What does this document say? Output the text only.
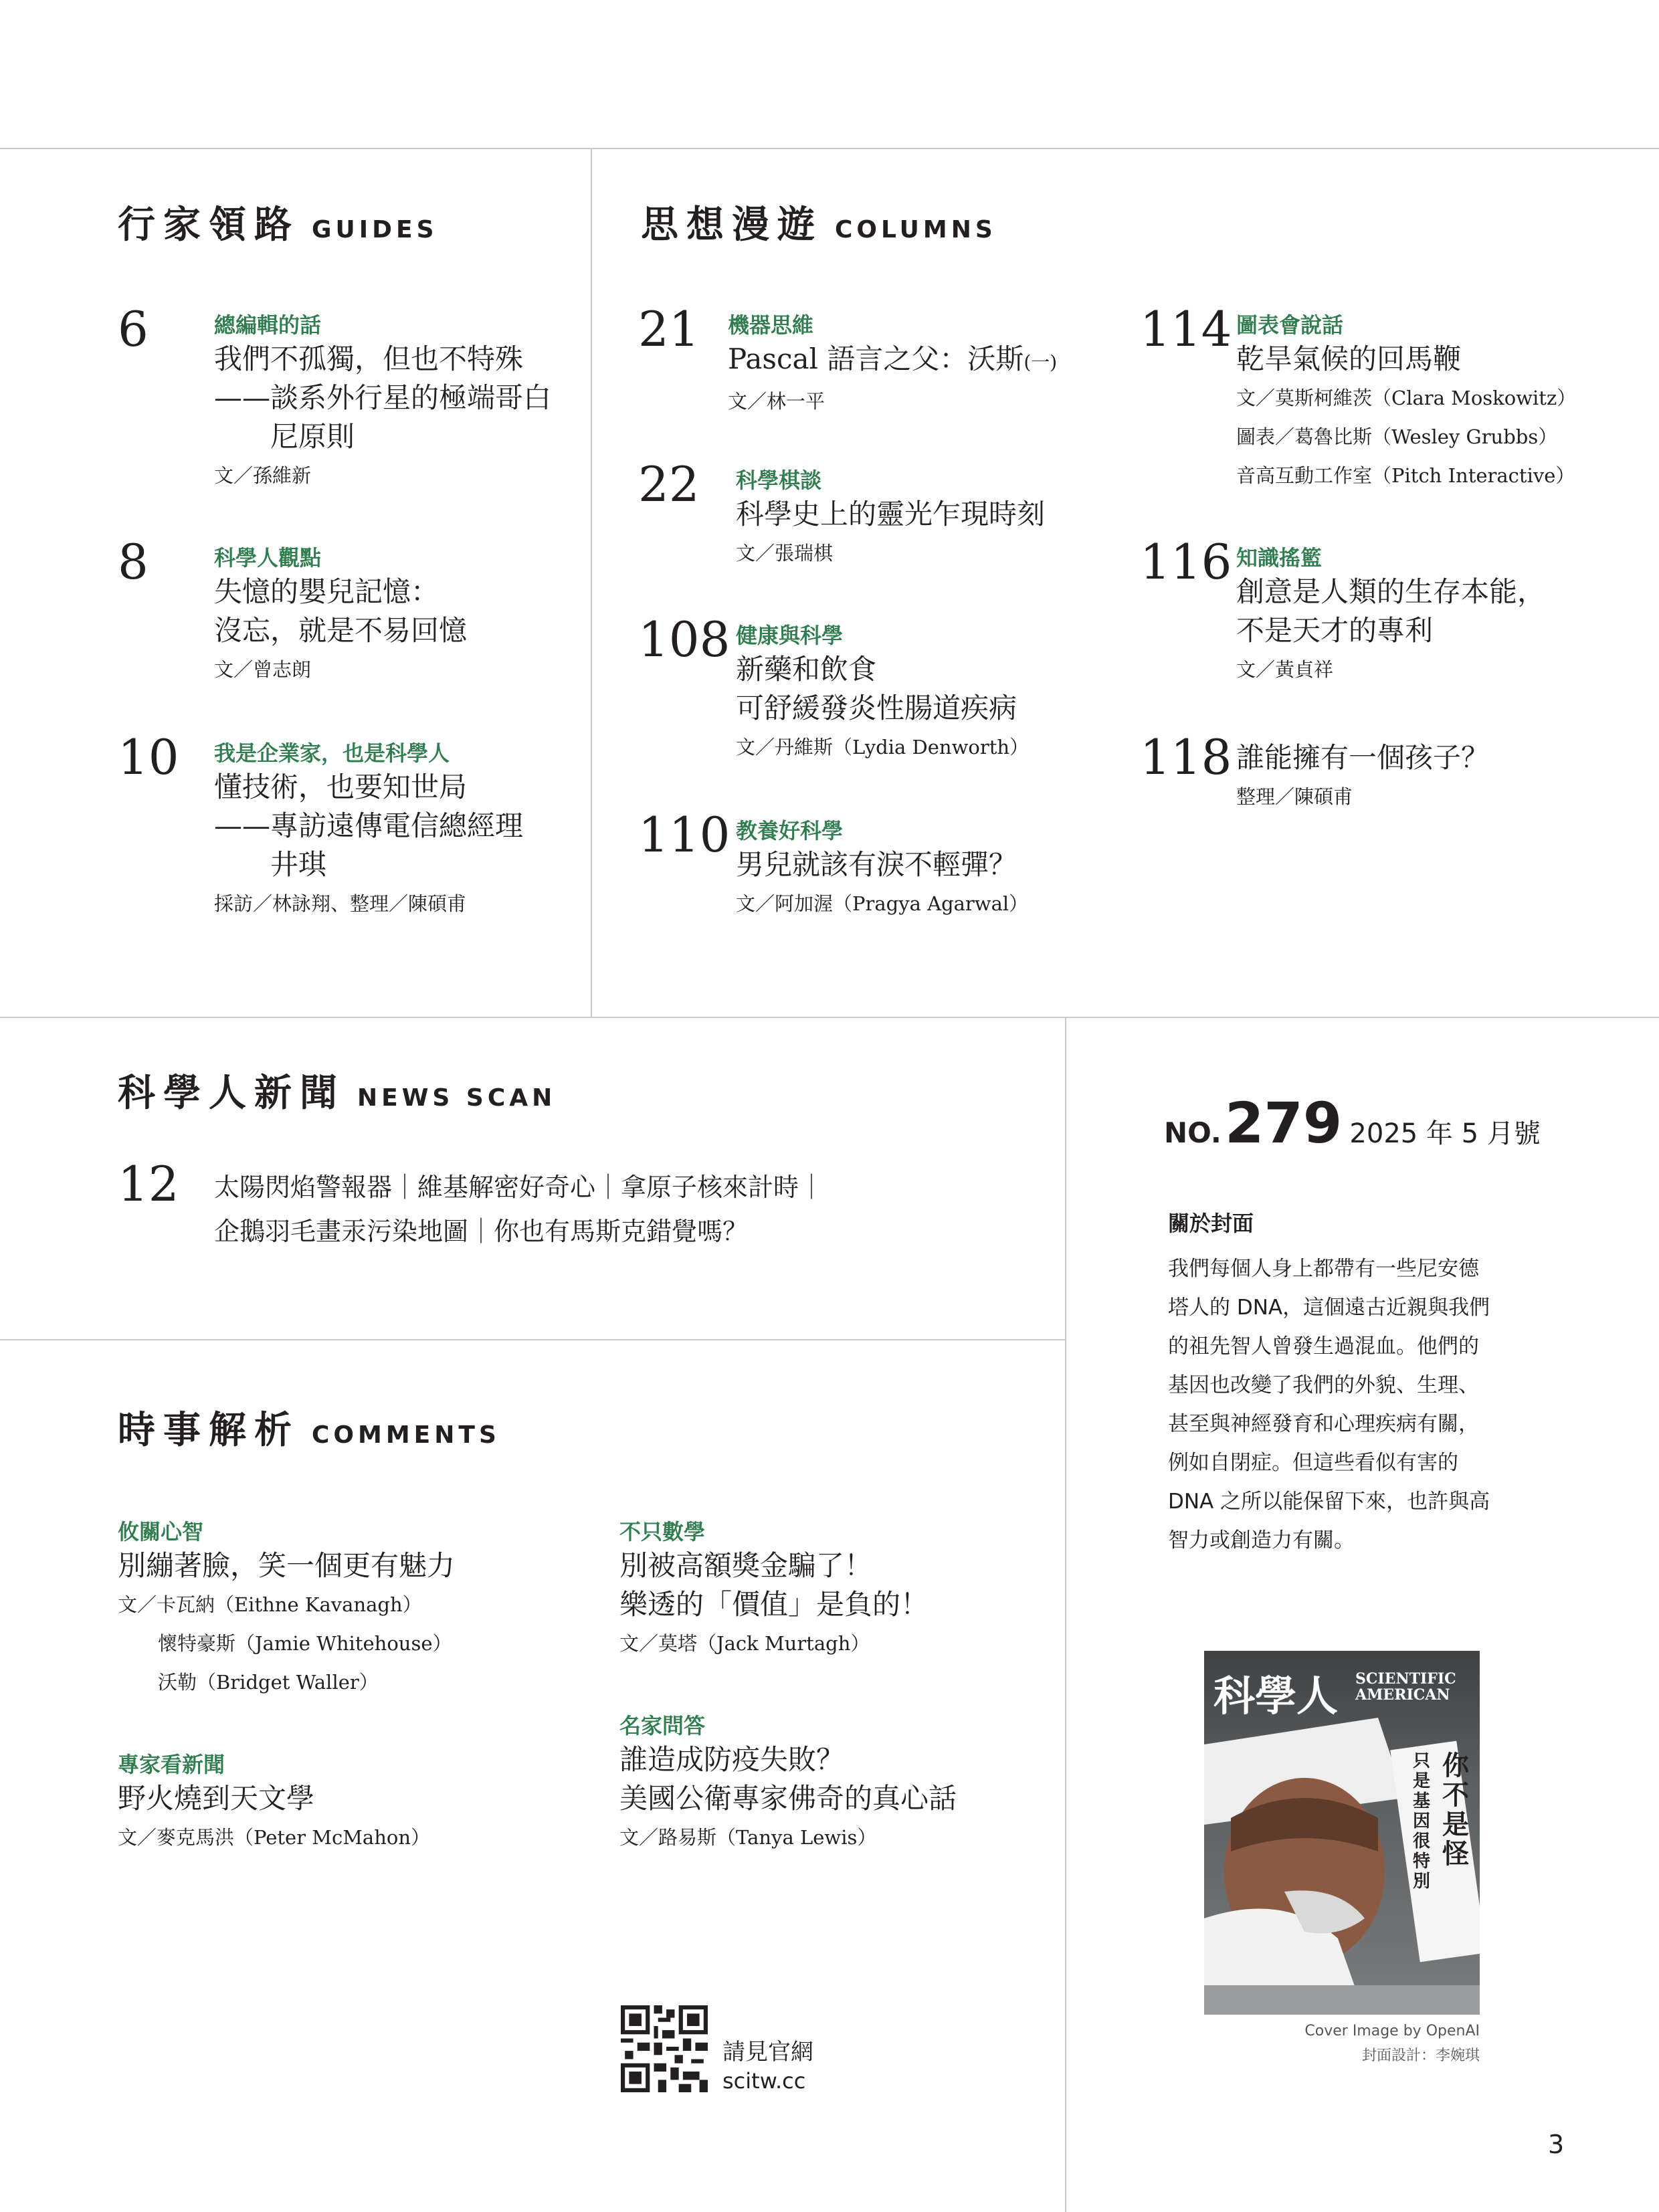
行家領路 GUIDES
6	總編輯的話
我們不孤獨，但也不特殊
——談系外行星的極端哥白
尼原則
文／孫維新
8	科學人觀點
失憶的嬰兒記憶：
沒忘，就是不易回憶
文／曾志朗
10 我是企業家，也是科學人
懂技術，也要知世局
——專訪遠傳電信總經理
井琪
採訪／林詠翔、整理／陳碩甫
思想漫遊 COLUMNS
21 機器思維
Pascal 語言之父：沃斯(一)
文／林一平
22 科學棋談
科學史上的靈光乍現時刻
文／張瑞棋
108 健康與科學
新藥和飲食
可舒緩發炎性腸道疾病
文／丹維斯（Lydia Denworth）
110 教養好科學
男兒就該有淚不輕彈？
文／阿加渥（Pragya Agarwal）
114 圖表會說話
乾旱氣候的回馬鞭
文／莫斯柯維茨（Clara Moskowitz）
圖表／葛魯比斯（Wesley Grubbs）
音高互動工作室（Pitch Interactive）
116 知識搖籃
創意是人類的生存本能，
不是天才的專利
文／黃貞祥
118 誰能擁有一個孩子？
整理／陳碩甫
科學人新聞 NEWS SCAN
12 太陽閃焰警報器｜維基解密好奇心｜拿原子核來計時｜
企鵝羽毛畫汞污染地圖｜你也有馬斯克錯覺嗎？
時事解析 COMMENTS
攸關心智
別繃著臉，笑一個更有魅力
文／卡瓦納（Eithne Kavanagh）
懷特豪斯（Jamie Whitehouse）
沃勒（Bridget Waller）
專家看新聞
野火燒到天文學
文／麥克馬洪（Peter McMahon）
不只數學
別被高額獎金騙了！
樂透的「價值」是負的！
文／莫塔（Jack Murtagh）
名家問答
誰造成防疫失敗？
美國公衛專家佛奇的真心話
文／路易斯（Tanya Lewis）
請見官網
scitw.cc
NO. 279 2025 年 5 月號
關於封面
我們每個人身上都帶有一些尼安德
塔人的 DNA，這個遠古近親與我們
的祖先智人曾發生過混血。他們的
基因也改變了我們的外貌、生理、
甚至與神經發育和心理疾病有關，
例如自閉症。但這些看似有害的
DNA 之所以能保留下來，也許與高
智力或創造力有關。
科學人 SCIENTIFIC AMERICAN
你不是怪
只是基因很特別
Cover Image by OpenAI
封面設計：李婉琪
3
